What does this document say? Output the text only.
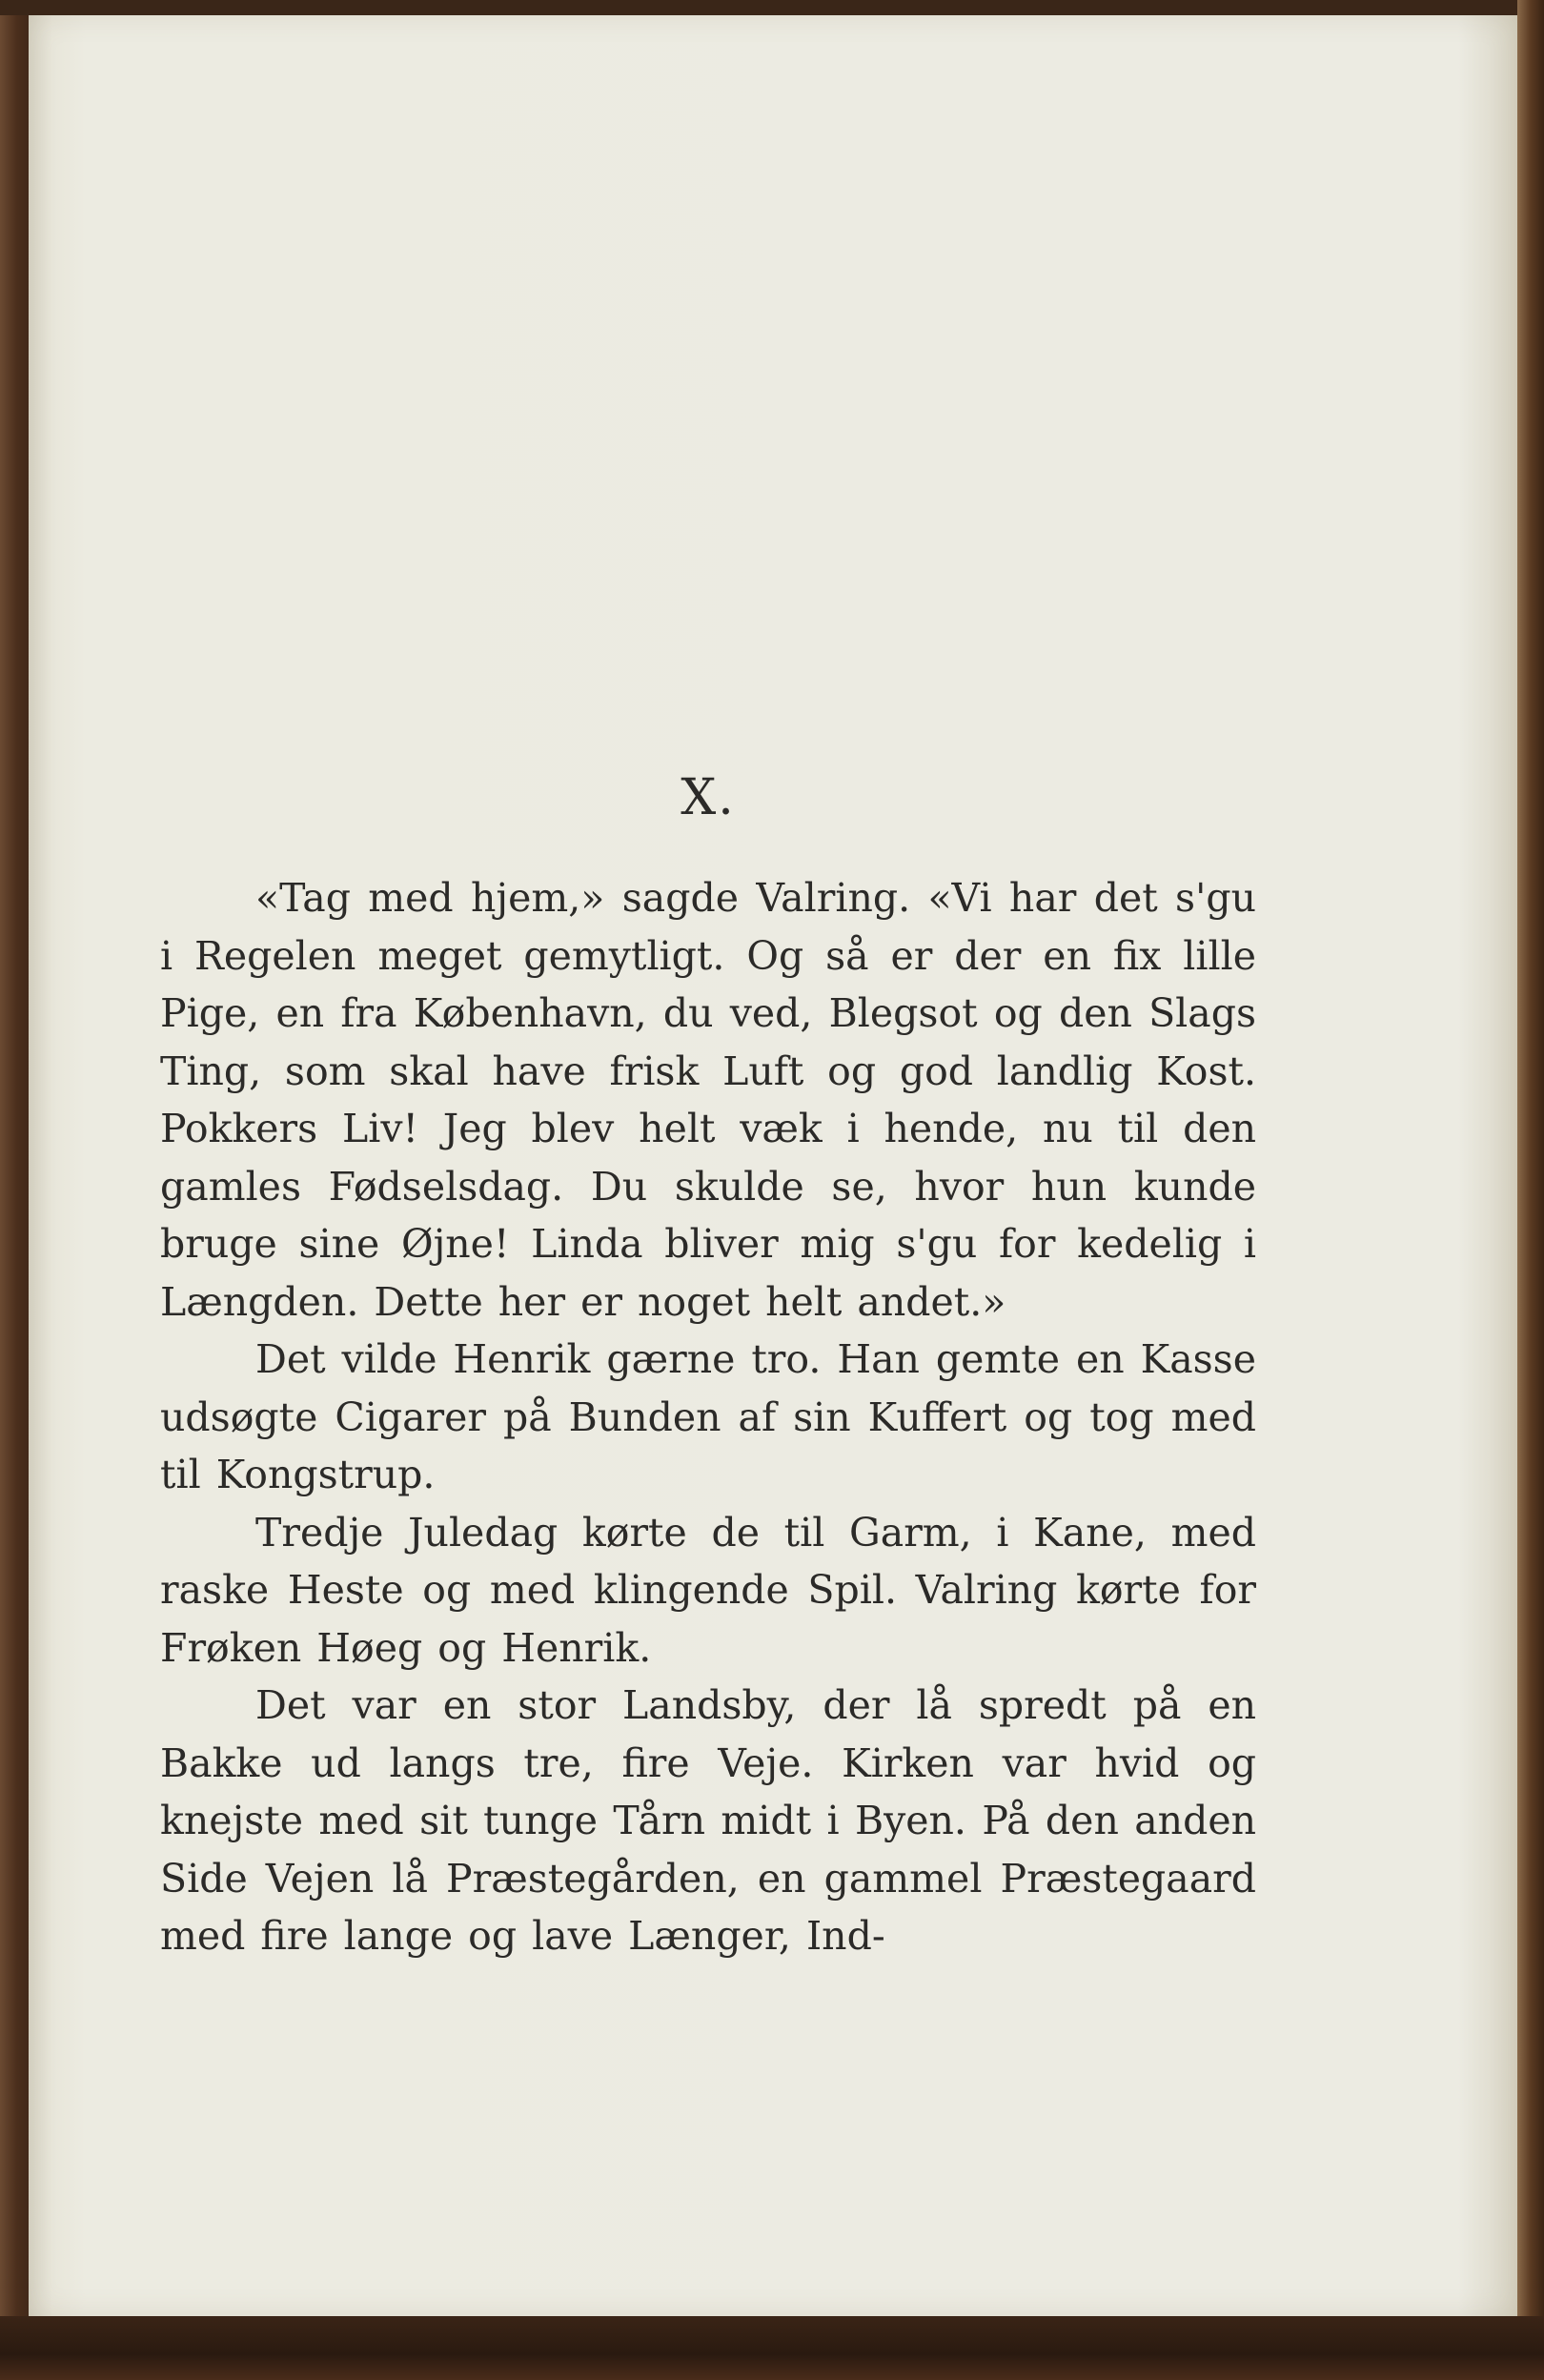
X.

«Tag med hjem,» sagde Valring. «Vi har det s'gu i Regelen meget gemytligt. Og så er der en fix lille Pige, en fra København, du ved, Blegsot og den Slags Ting, som skal have frisk Luft og god landlig Kost. Pokkers Liv! Jeg blev helt væk i hende, nu til den gamles Fødselsdag. Du skulde se, hvor hun kunde bruge sine Øjne! Linda bliver mig s'gu for kedelig i Længden. Dette her er noget helt andet.»

Det vilde Henrik gærne tro. Han gemte en Kasse udsøgte Cigarer på Bunden af sin Kuffert og tog med til Kongstrup.

Tredje Juledag kørte de til Garm, i Kane, med raske Heste og med klingende Spil. Valring kørte for Frøken Høeg og Henrik.

Det var en stor Landsby, der lå spredt på en Bakke ud langs tre, fire Veje. Kirken var hvid og knejste med sit tunge Tårn midt i Byen. På den anden Side Vejen lå Præstegården, en gammel Præstegaard med fire lange og lave Længer, Ind-
